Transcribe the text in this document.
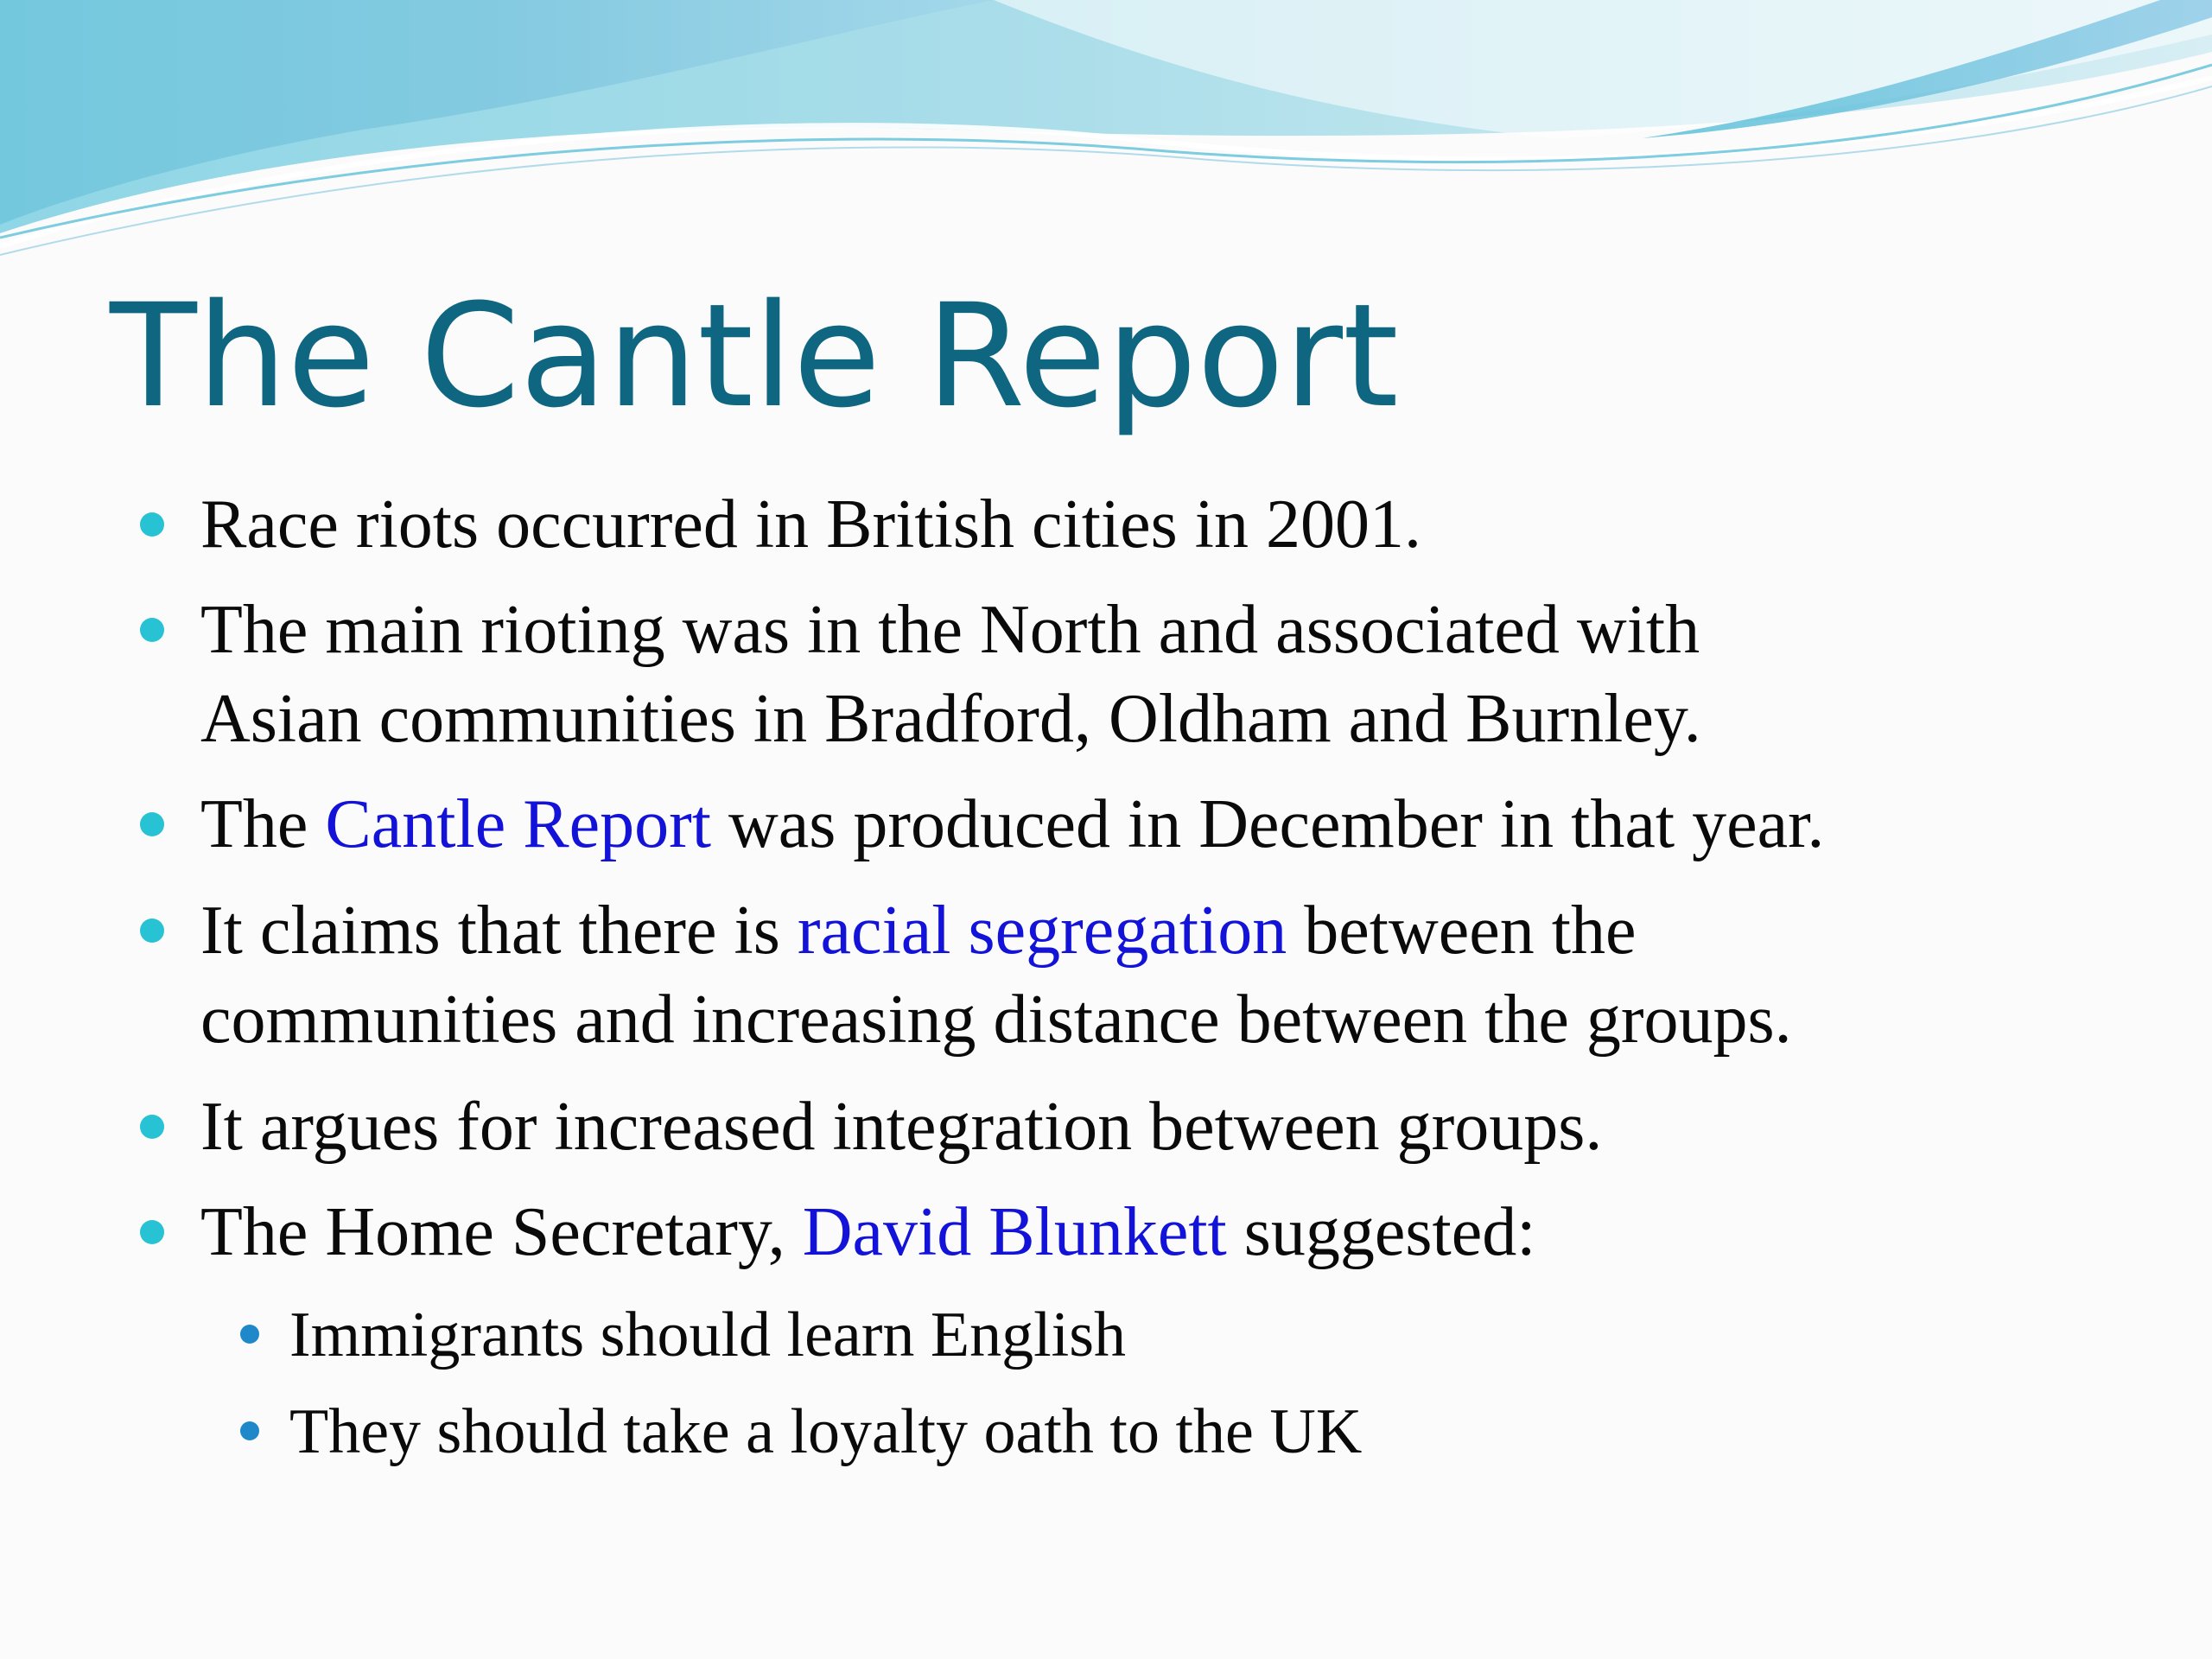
The Cantle Report
Race riots occurred in British cities in 2001.
The main rioting was in the North and associated with
Asian communities in Bradford, Oldham and Burnley.
The Cantle Report was produced in December in that year.
It claims that there is racial segregation between the
communities and increasing distance between the groups.
It argues for increased integration between groups.
The Home Secretary, David Blunkett suggested:
Immigrants should learn English
They should take a loyalty oath to the UK
